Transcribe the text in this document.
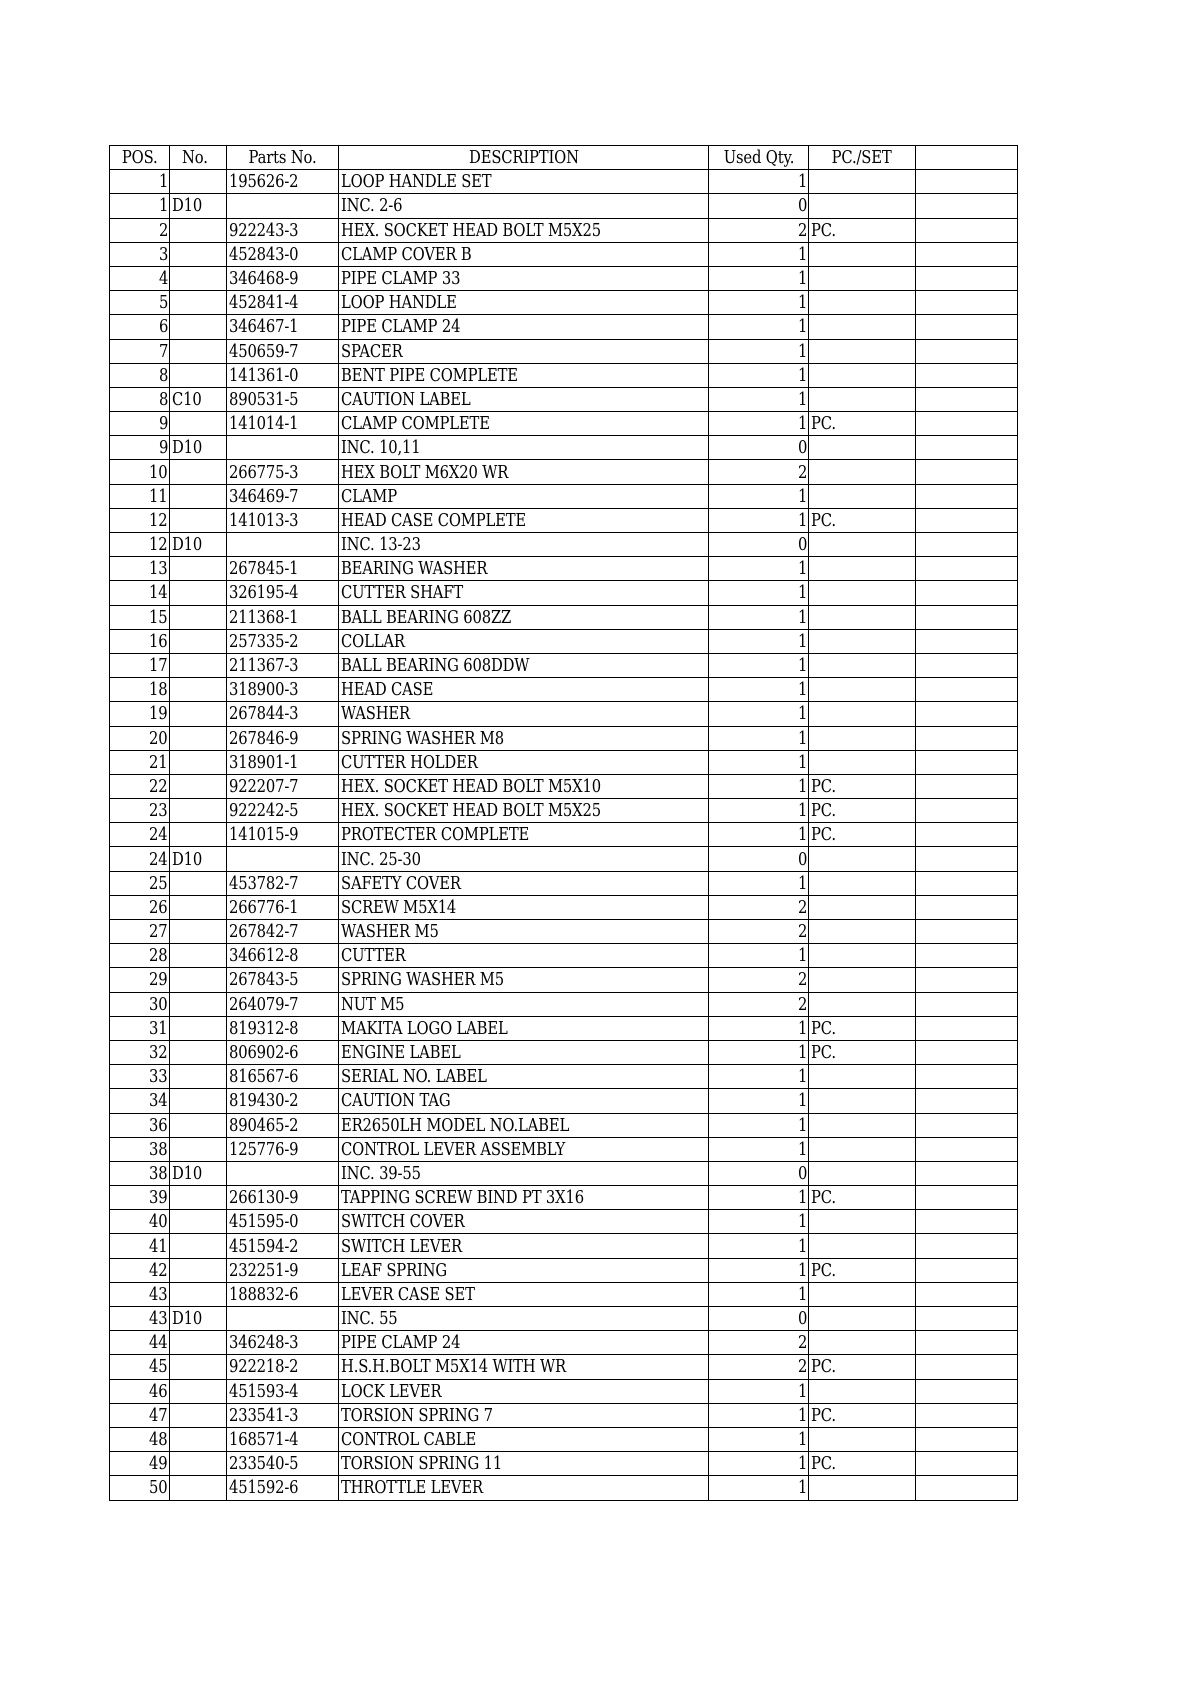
POS.	No.	Parts No.	DESCRIPTION	Used Qty.	PC./SET	
1		195626-2	LOOP HANDLE SET	1		
1	D10		INC. 2-6	0		
2		922243-3	HEX. SOCKET HEAD BOLT M5X25	2	PC.	
3		452843-0	CLAMP COVER B	1		
4		346468-9	PIPE CLAMP 33	1		
5		452841-4	LOOP HANDLE	1		
6		346467-1	PIPE CLAMP 24	1		
7		450659-7	SPACER	1		
8		141361-0	BENT PIPE COMPLETE	1		
8	C10	890531-5	CAUTION LABEL	1		
9		141014-1	CLAMP COMPLETE	1	PC.	
9	D10		INC. 10,11	0		
10		266775-3	HEX BOLT M6X20 WR	2		
11		346469-7	CLAMP	1		
12		141013-3	HEAD CASE COMPLETE	1	PC.	
12	D10		INC. 13-23	0		
13		267845-1	BEARING WASHER	1		
14		326195-4	CUTTER SHAFT	1		
15		211368-1	BALL BEARING 608ZZ	1		
16		257335-2	COLLAR	1		
17		211367-3	BALL BEARING 608DDW	1		
18		318900-3	HEAD CASE	1		
19		267844-3	WASHER	1		
20		267846-9	SPRING WASHER M8	1		
21		318901-1	CUTTER HOLDER	1		
22		922207-7	HEX. SOCKET HEAD BOLT M5X10	1	PC.	
23		922242-5	HEX. SOCKET HEAD BOLT M5X25	1	PC.	
24		141015-9	PROTECTER COMPLETE	1	PC.	
24	D10		INC. 25-30	0		
25		453782-7	SAFETY COVER	1		
26		266776-1	SCREW M5X14	2		
27		267842-7	WASHER M5	2		
28		346612-8	CUTTER	1		
29		267843-5	SPRING WASHER M5	2		
30		264079-7	NUT M5	2		
31		819312-8	MAKITA LOGO LABEL	1	PC.	
32		806902-6	ENGINE LABEL	1	PC.	
33		816567-6	SERIAL NO. LABEL	1		
34		819430-2	CAUTION TAG	1		
36		890465-2	ER2650LH MODEL NO.LABEL	1		
38		125776-9	CONTROL LEVER ASSEMBLY	1		
38	D10		INC. 39-55	0		
39		266130-9	TAPPING SCREW BIND PT 3X16	1	PC.	
40		451595-0	SWITCH COVER	1		
41		451594-2	SWITCH LEVER	1		
42		232251-9	LEAF SPRING	1	PC.	
43		188832-6	LEVER CASE SET	1		
43	D10		INC. 55	0		
44		346248-3	PIPE CLAMP 24	2		
45		922218-2	H.S.H.BOLT M5X14 WITH WR	2	PC.	
46		451593-4	LOCK LEVER	1		
47		233541-3	TORSION SPRING 7	1	PC.	
48		168571-4	CONTROL CABLE	1		
49		233540-5	TORSION SPRING 11	1	PC.	
50		451592-6	THROTTLE LEVER	1		
